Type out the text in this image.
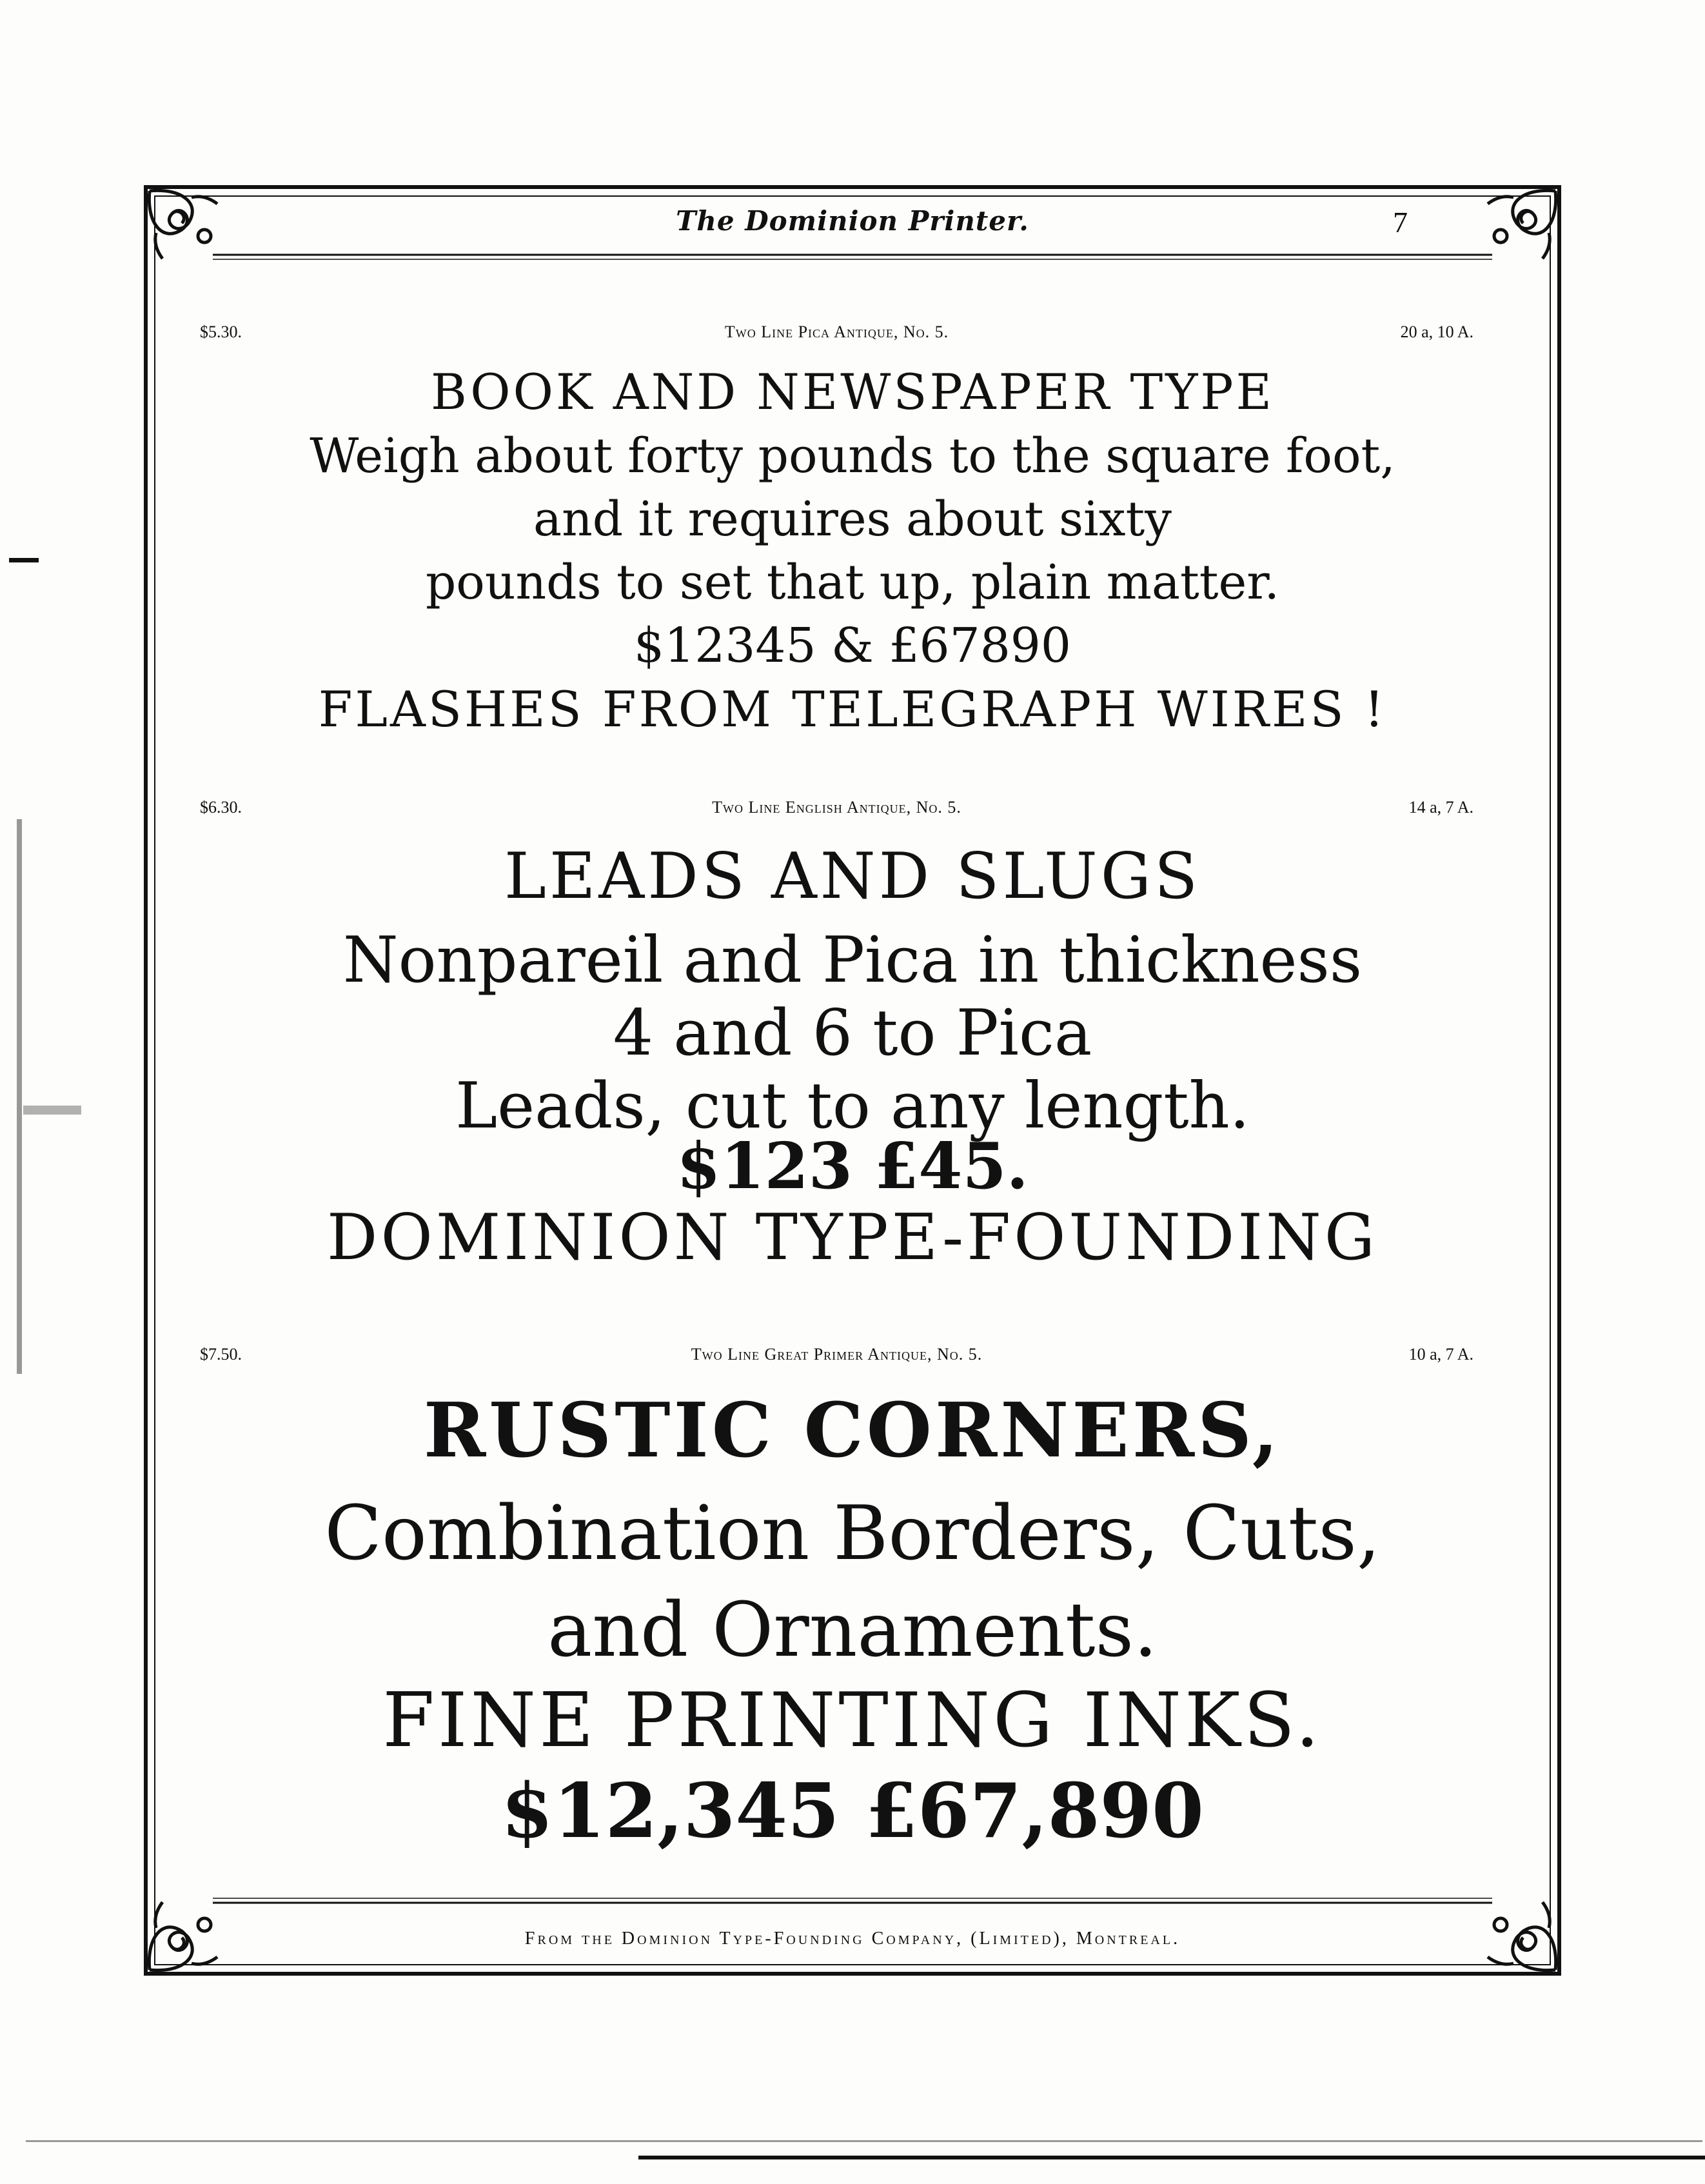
The Dominion Printer.	7
Two Line Pica Antique, No. 5.
$5.30.	20 a, 10 A.
BOOK AND NEWSPAPER TYPE
Weigh about forty pounds to the square foot,
and it requires about sixty
pounds to set that up, plain matter.
$12345 & £67890
FLASHES FROM TELEGRAPH WIRES !
Two Line English Antique, No. 5.
$6.30.	14 a, 7 A.
LEADS AND SLUGS
Nonpareil and Pica in thickness
4 and 6 to Pica
Leads, cut to any length.
$123 £45.
DOMINION TYPE-FOUNDING
Two Line Great Primer Antique, No. 5.
$7.50.	10 a, 7 A.
RUSTIC CORNERS,
Combination Borders, Cuts,
and Ornaments.
FINE PRINTING INKS.
$12,345 £67,890
From the Dominion Type-Founding Company, (Limited), Montreal.
